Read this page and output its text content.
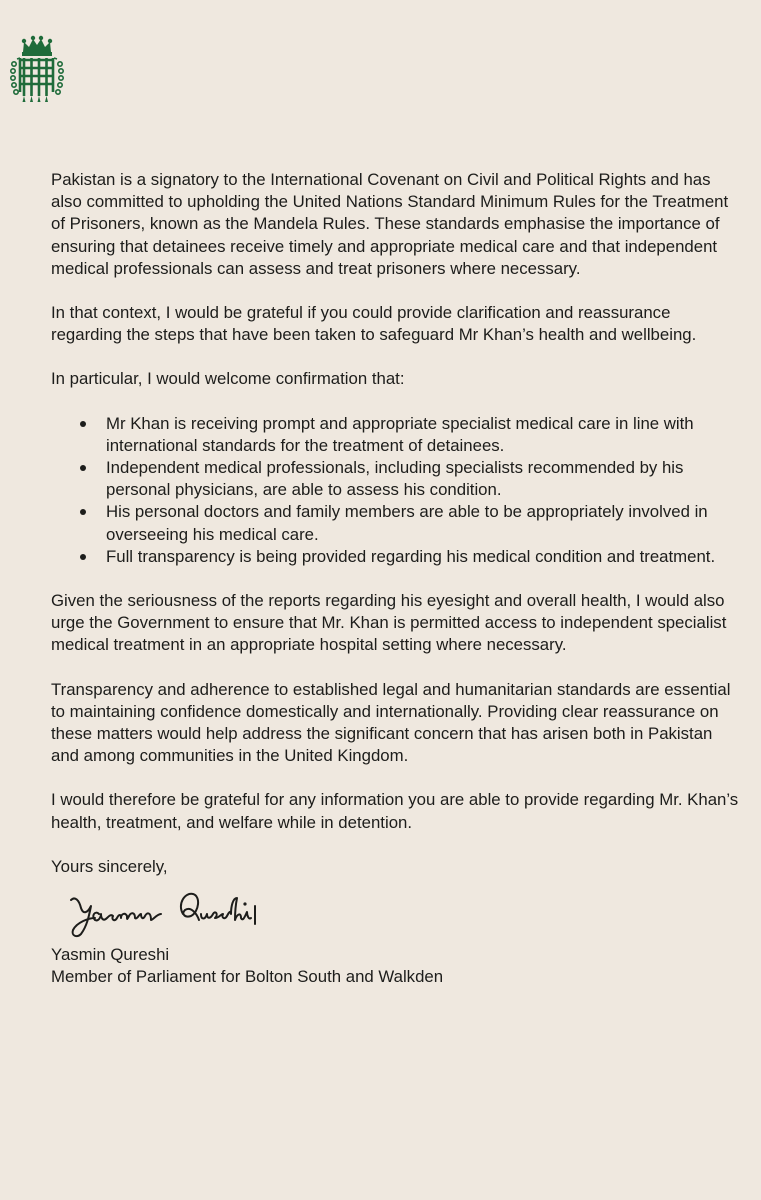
Pakistan is a signatory to the International Covenant on Civil and Political Rights and has also committed to upholding the United Nations Standard Minimum Rules for the Treatment of Prisoners, known as the Mandela Rules. These standards emphasise the importance of ensuring that detainees receive timely and appropriate medical care and that independent medical professionals can assess and treat prisoners where necessary.

In that context, I would be grateful if you could provide clarification and reassurance regarding the steps that have been taken to safeguard Mr Khan’s health and wellbeing.

In particular, I would welcome confirmation that:

Mr Khan is receiving prompt and appropriate specialist medical care in line with international standards for the treatment of detainees.
Independent medical professionals, including specialists recommended by his personal physicians, are able to assess his condition.
His personal doctors and family members are able to be appropriately involved in overseeing his medical care.
Full transparency is being provided regarding his medical condition and treatment.

Given the seriousness of the reports regarding his eyesight and overall health, I would also urge the Government to ensure that Mr. Khan is permitted access to independent specialist medical treatment in an appropriate hospital setting where necessary.

Transparency and adherence to established legal and humanitarian standards are essential to maintaining confidence domestically and internationally. Providing clear reassurance on these matters would help address the significant concern that has arisen both in Pakistan and among communities in the United Kingdom.

I would therefore be grateful for any information you are able to provide regarding Mr. Khan’s health, treatment, and welfare while in detention.

Yours sincerely,

Yasmin Qureshi

Member of Parliament for Bolton South and Walkden
